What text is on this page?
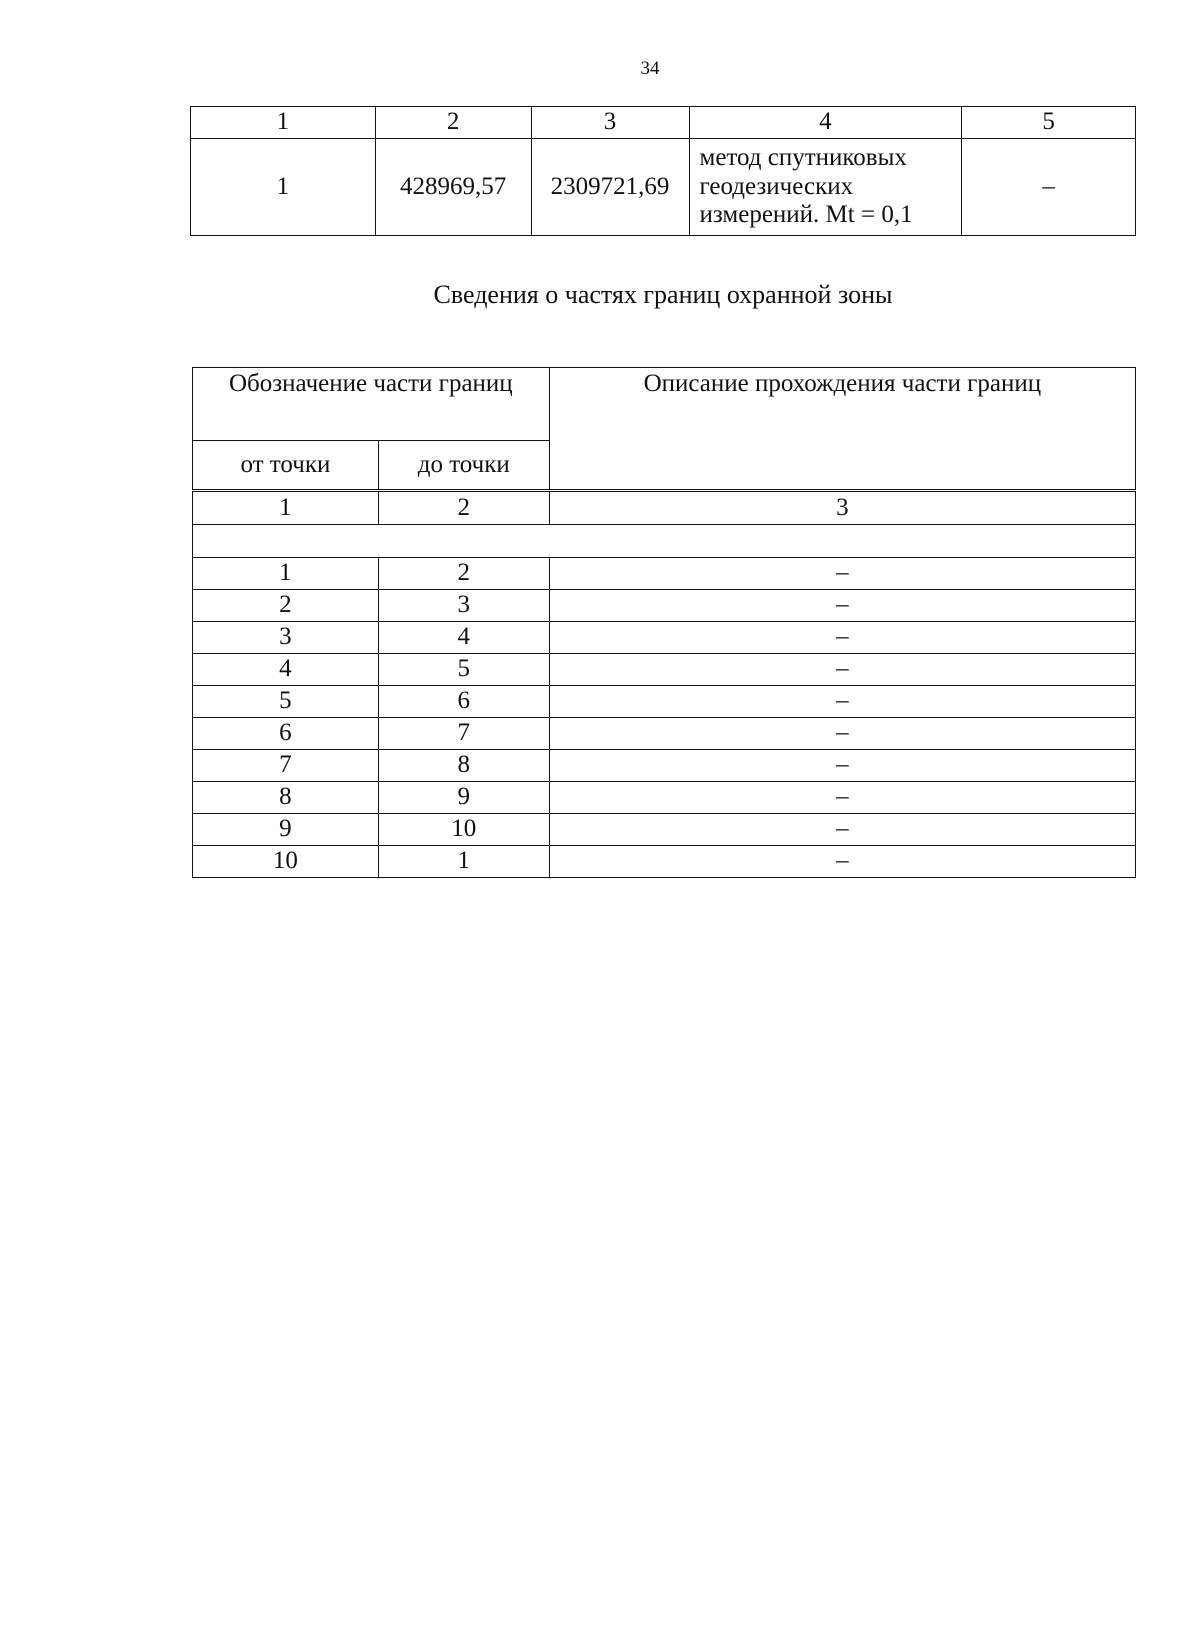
34
1	2	3	4	5
1	428969,57	2309721,69	метод спутниковых
геодезических
измерений. Mt = 0,1	–
Сведения о частях границ охранной зоны
Обозначение части границ		Описание прохождения части границ
от точки	до точки	
1	2	3

1	2	–
2	3	–
3	4	–
4	5	–
5	6	–
6	7	–
7	8	–
8	9	–
9	10	–
10	1	–
